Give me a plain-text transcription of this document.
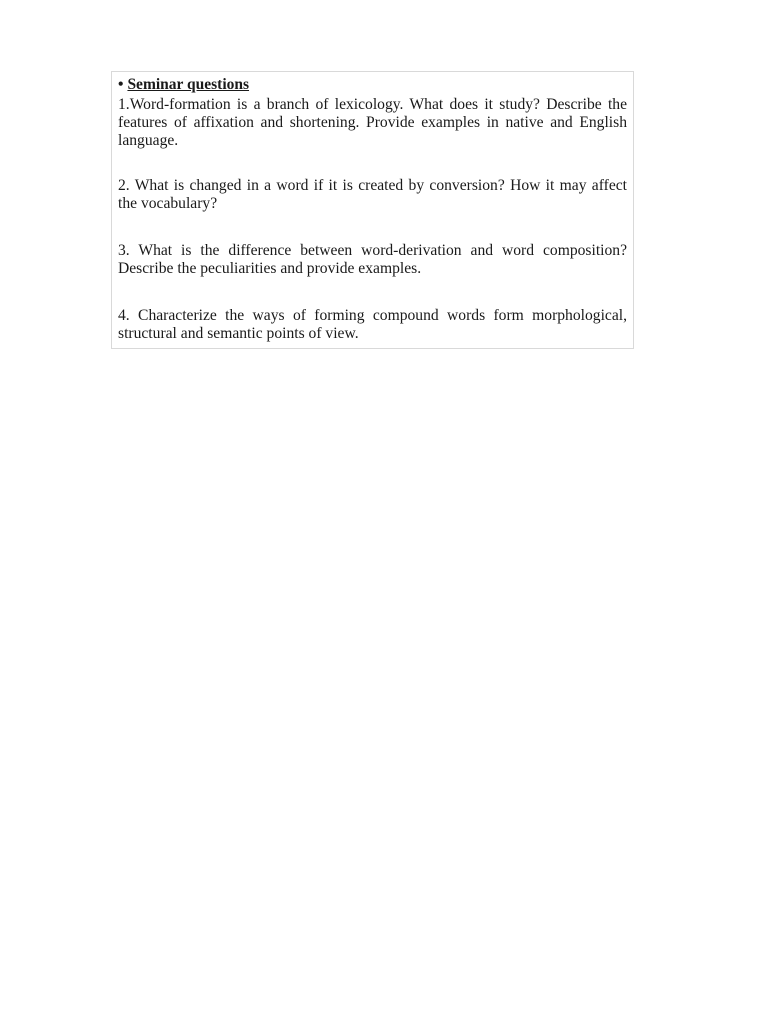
• Seminar questions

1.Word-formation is a branch of lexicology. What does it study? Describe the features of affixation and shortening. Provide examples in native and English language.

2. What is changed in a word if it is created by conversion? How it may affect the vocabulary?

3. What is the difference between word-derivation and word composition? Describe the peculiarities and provide examples.

4. Characterize the ways of forming compound words form morphological, structural and semantic points of view.
